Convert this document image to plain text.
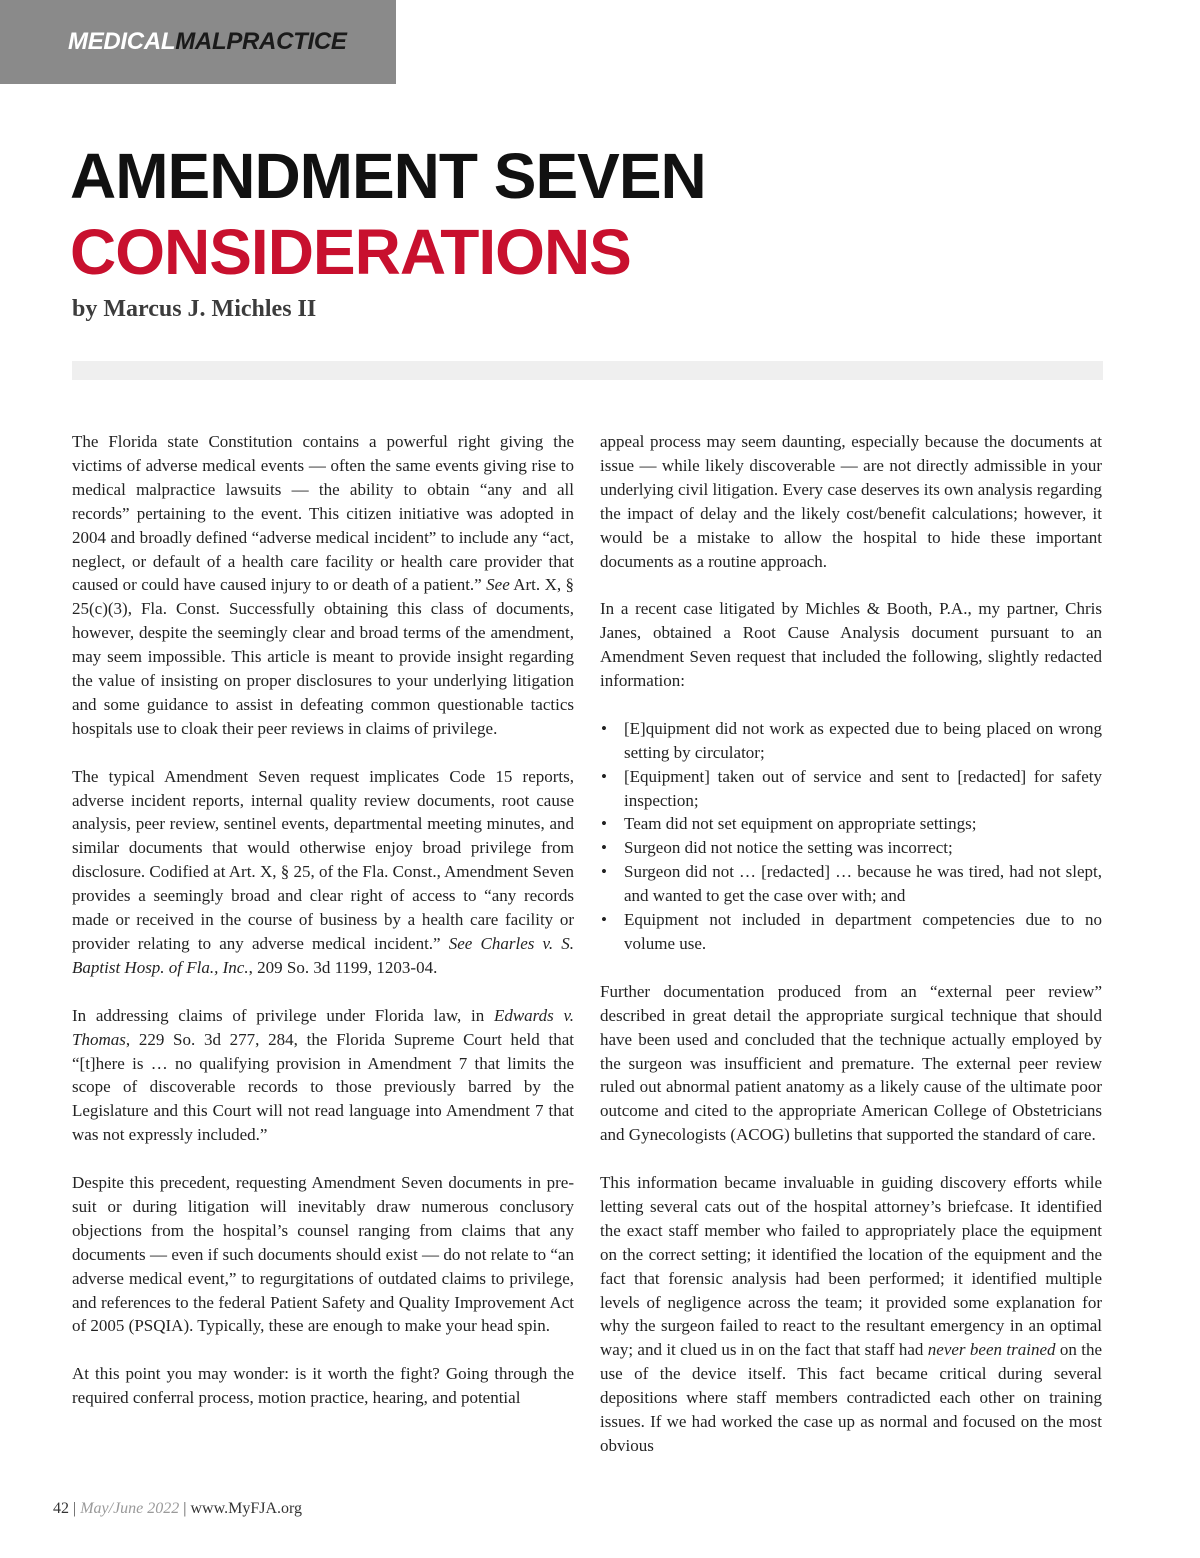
MEDICALMALPRACTICE
AMENDMENT SEVEN
CONSIDERATIONS
by Marcus J. Michles II

The Florida state Constitution contains a powerful right giving the victims of adverse medical events — often the same events giving rise to medical malpractice lawsuits — the ability to obtain “any and all records” pertaining to the event. This citizen initiative was adopted in 2004 and broadly defined “adverse medical incident” to include any “act, neglect, or default of a health care facility or health care provider that caused or could have caused injury to or death of a patient.” See Art. X, § 25(c)(3), Fla. Const. Successfully obtaining this class of documents, however, despite the seemingly clear and broad terms of the amendment, may seem impossible. This article is meant to provide insight regarding the value of insisting on proper disclosures to your underlying litigation and some guidance to assist in defeating common questionable tactics hospitals use to cloak their peer reviews in claims of privilege.

The typical Amendment Seven request implicates Code 15 reports, adverse incident reports, internal quality review documents, root cause analysis, peer review, sentinel events, departmental meeting minutes, and similar documents that would otherwise enjoy broad privilege from disclosure. Codified at Art. X, § 25, of the Fla. Const., Amendment Seven provides a seemingly broad and clear right of access to “any records made or received in the course of business by a health care facility or provider relating to any adverse medical incident.” See Charles v. S. Baptist Hosp. of Fla., Inc., 209 So. 3d 1199, 1203-04.

In addressing claims of privilege under Florida law, in Edwards v. Thomas, 229 So. 3d 277, 284, the Florida Supreme Court held that “[t]here is … no qualifying provision in Amendment 7 that limits the scope of discoverable records to those previously barred by the Legislature and this Court will not read language into Amendment 7 that was not expressly included.”

Despite this precedent, requesting Amendment Seven documents in pre-suit or during litigation will inevitably draw numerous conclusory objections from the hospital’s counsel ranging from claims that any documents — even if such documents should exist — do not relate to “an adverse medical event,” to regurgitations of outdated claims to privilege, and references to the federal Patient Safety and Quality Improvement Act of 2005 (PSQIA). Typically, these are enough to make your head spin.

At this point you may wonder: is it worth the fight? Going through the required conferral process, motion practice, hearing, and potential

appeal process may seem daunting, especially because the documents at issue — while likely discoverable — are not directly admissible in your underlying civil litigation. Every case deserves its own analysis regarding the impact of delay and the likely cost/benefit calculations; however, it would be a mistake to allow the hospital to hide these important documents as a routine approach.

In a recent case litigated by Michles & Booth, P.A., my partner, Chris Janes, obtained a Root Cause Analysis document pursuant to an Amendment Seven request that included the following, slightly redacted information:

• [E]quipment did not work as expected due to being placed on wrong setting by circulator;
• [Equipment] taken out of service and sent to [redacted] for safety inspection;
• Team did not set equipment on appropriate settings;
• Surgeon did not notice the setting was incorrect;
• Surgeon did not … [redacted] … because he was tired, had not slept, and wanted to get the case over with; and
• Equipment not included in department competencies due to no volume use.

Further documentation produced from an “external peer review” described in great detail the appropriate surgical technique that should have been used and concluded that the technique actually employed by the surgeon was insufficient and premature. The external peer review ruled out abnormal patient anatomy as a likely cause of the ultimate poor outcome and cited to the appropriate American College of Obstetricians and Gynecologists (ACOG) bulletins that supported the standard of care.

This information became invaluable in guiding discovery efforts while letting several cats out of the hospital attorney’s briefcase. It identified the exact staff member who failed to appropriately place the equipment on the correct setting; it identified the location of the equipment and the fact that forensic analysis had been performed; it identified multiple levels of negligence across the team; it provided some explanation for why the surgeon failed to react to the resultant emergency in an optimal way; and it clued us in on the fact that staff had never been trained on the use of the device itself. This fact became critical during several depositions where staff members contradicted each other on training issues. If we had worked the case up as normal and focused on the most obvious

42 | May/June 2022 | www.MyFJA.org
